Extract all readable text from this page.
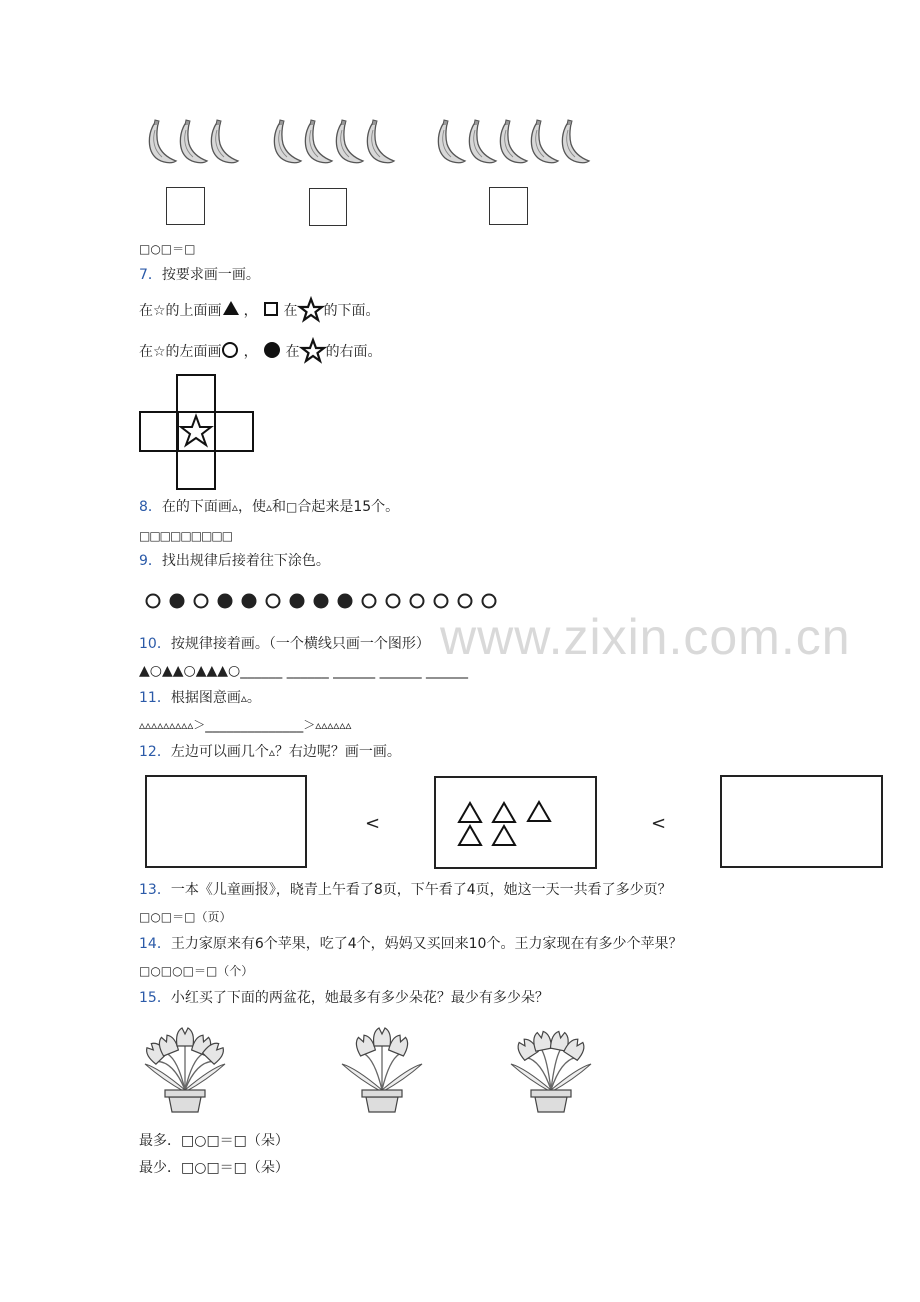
www.zixin.com.cn
□○□＝□
7．按要求画一画。
在☆的上面画 ， 在 的下面。
在☆的左面画 ， 在 的右面。
8．在的下面画▵，使▵和□合起来是15个。
□□□□□□□□□
9．找出规律后接着往下涂色。
10．按规律接着画。（一个横线只画一个图形）
▲○▲▲○▲▲▲○______ ______ ______ ______ ______
11．根据图意画▵。
▵▵▵▵▵▵▵▵▵＞______________＞▵▵▵▵▵▵
12．左边可以画几个▵？右边呢？画一画。
<	<
13．一本《儿童画报》，晓青上午看了8页，下午看了4页，她这一天一共看了多少页？
□○□＝□（页）
14．王力家原来有6个苹果，吃了4个，妈妈又买回来10个。王力家现在有多少个苹果？
□○□○□＝□（个）
15．小红买了下面的两盆花，她最多有多少朵花？最少有多少朵？
最多．□○□＝□（朵）
最少．□○□＝□（朵）
